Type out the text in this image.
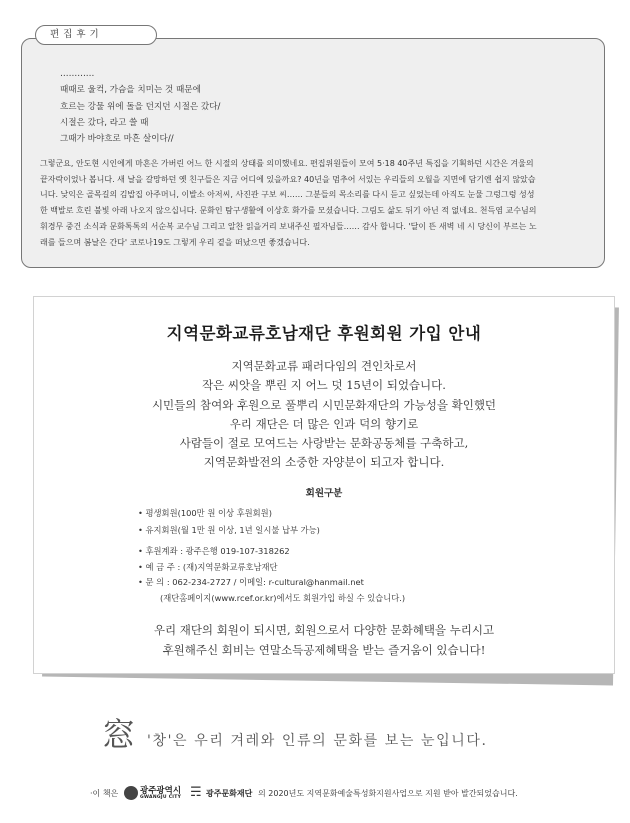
편집후기
…………
때때로 울컥, 가슴을 치미는 것 때문에
흐르는 강물 위에 돌을 던지던 시절은 갔다/
시절은 갔다, 라고 쓸 때
그때가 바야흐로 마흔 살이다//
그렇군요, 안도현 시인에게 마흔은 가버린 어느 한 시절의 상태를 의미했네요. 편집위원들이 모여 5·18 40주년 특집을 기획하던 시간은 겨울의
끝자락이었나 봅니다. 새 날을 갈망하던 옛 친구들은 지금 어디에 있을까요? 40년을 멈추어 서있는 우리들의 오월을 지면에 담기엔 쉽지 않았습
니다. 낮익은 골목길의 김밥집 아주머니, 이발소 아저씨, 사진관 구보 씨…… 그분들의 목소리를 다시 듣고 싶었는데 아직도 눈물 그렁그렁 성성
한 백발로 흐린 불빛 아래 나오지 않으십니다. 문화인 탐구생활에 이상호 화가를 모셨습니다. 그림도 삶도 뒤기 아닌 적 없네요. 천득염 교수님의
휘경무 중건 소식과 문화톡톡의 서순복 교수님 그리고 알찬 읽을거리 보내주신 필자님들…… 감사 합니다. '달이 뜬 새벽 네 시 당신이 부르는 노
래를 들으며 봄날은 간다' 코로나19도 그렇게 우리 곁을 떠났으면 좋겠습니다.
지역문화교류호남재단 후원회원 가입 안내
지역문화교류 패러다임의 견인차로서
작은 씨앗을 뿌린 지 어느 덧 15년이 되었습니다.
시민들의 참여와 후원으로 풀뿌리 시민문화재단의 가능성을 확인했던
우리 재단은 더 많은 인과 덕의 향기로
사람들이 절로 모여드는 사랑받는 문화공동체를 구축하고,
지역문화발전의 소중한 자양분이 되고자 합니다.
회원구분
• 평생회원(100만 원 이상 후원회원)
• 유지회원(월 1만 원 이상, 1년 일시불 납부 가능)
• 후원계좌 : 광주은행 019-107-318262
• 예 금 주 : (재)지역문화교류호남재단
• 문 의 : 062-234-2727 / 이메일: r-cultural@hanmail.net
(재단홈페이지(www.rcef.or.kr)에서도 회원가입 하실 수 있습니다.)
우리 재단의 회원이 되시면, 회원으로서 다양한 문화혜택을 누리시고
후원해주신 회비는 연말소득공제혜택을 받는 즐거움이 있습니다!
窓 '창'은 우리 겨레와 인류의 문화를 보는 눈입니다.
·이 책은	광주광역시
GWANGJU CITY ☴ 광주문화재단 의 2020년도 지역문화예술특성화지원사업으로 지원 받아 발간되었습니다.
